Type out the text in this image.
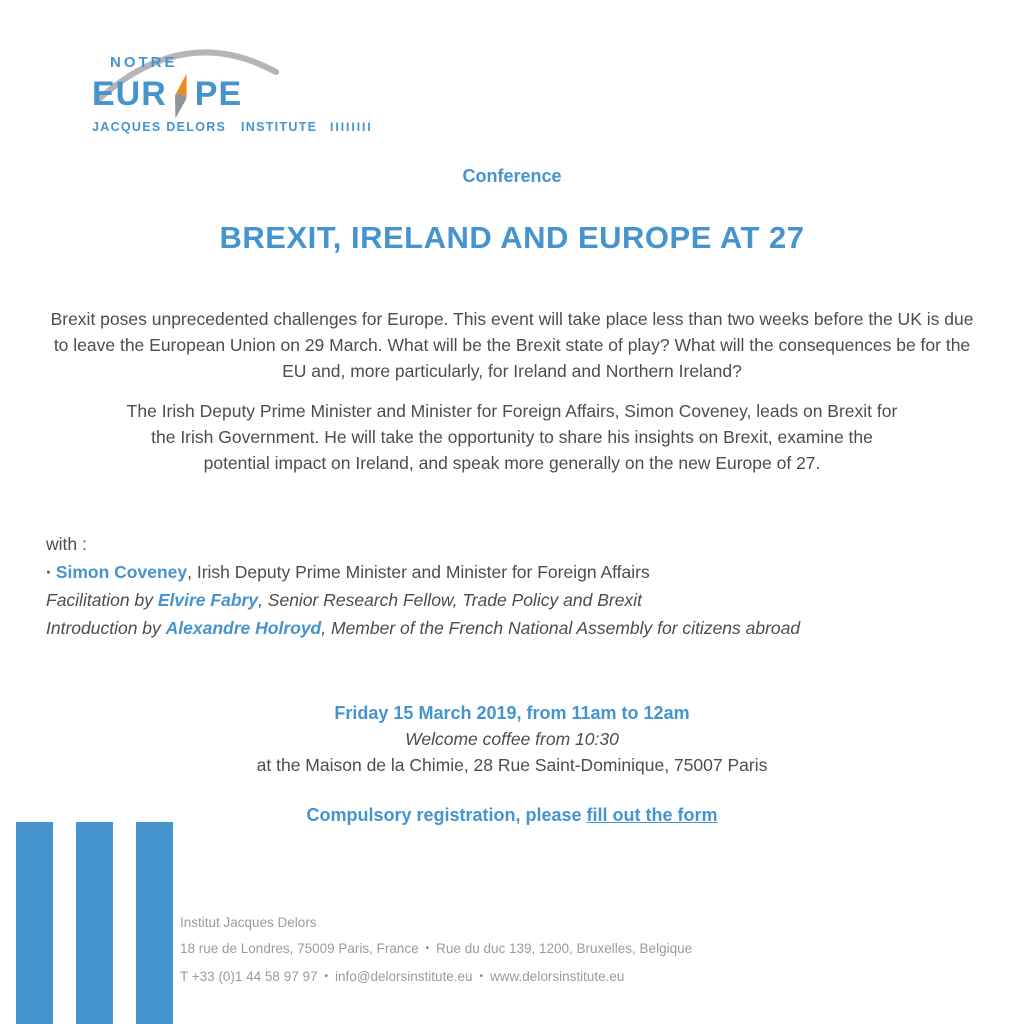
NOTRE
EUR PE
JACQUES DELORS INSTITUTE IIIIIIII
Conference
BREXIT, IRELAND AND EUROPE AT 27

Brexit poses unprecedented challenges for Europe. This event will take place less than two weeks before the UK is due to leave the European Union on 29 March. What will be the Brexit state of play? What will the consequences be for the EU and, more particularly, for Ireland and Northern Ireland?

The Irish Deputy Prime Minister and Minister for Foreign Affairs, Simon Coveney, leads on Brexit for the Irish Government. He will take the opportunity to share his insights on Brexit, examine the potential impact on Ireland, and speak more generally on the new Europe of 27.

with :
· Simon Coveney, Irish Deputy Prime Minister and Minister for Foreign Affairs
Facilitation by Elvire Fabry, Senior Research Fellow, Trade Policy and Brexit
Introduction by Alexandre Holroyd, Member of the French National Assembly for citizens abroad
Friday 15 March 2019, from 11am to 12am
Welcome coffee from 10:30
at the Maison de la Chimie, 28 Rue Saint-Dominique, 75007 Paris
Compulsory registration, please fill out the form
Institut Jacques Delors
18 rue de Londres, 75009 Paris, France • Rue du duc 139, 1200, Bruxelles, Belgique
T +33 (0)1 44 58 97 97 • info@delorsinstitute.eu • www.delorsinstitute.eu
